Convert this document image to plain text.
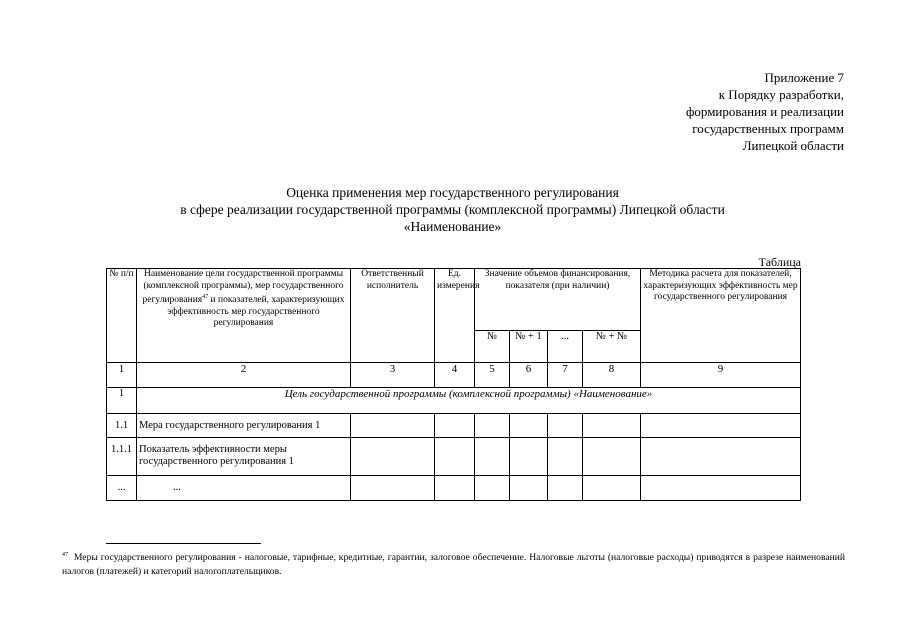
Приложение 7
к Порядку разработки,
формирования и реализации
государственных программ
Липецкой области
Оценка применения мер государственного регулирования
в сфере реализации государственной программы (комплексной программы) Липецкой области
«Наименование»
Таблица
№ п/п	Наименование цели государственной программы (комплексной программы), мер государственного регулирования$^{47}$ и показателей, характеризующих эффективность мер государственного регулирования	Ответственный исполнитель	Ед. измерения	Значение объемов финансирования, показателя (при наличии)				Методика расчета для показателей, характеризующих эффективность мер государственного регулирования
				№	№ + 1	...	№ + №	
1	2	3	4	5	6	7	8	9
1	Цель государственной программы (комплексной программы) «Наименование»							
1.1	Мера государственного регулирования 1							
1.1.1	Показатель эффективности меры государственного регулирования 1							
...	...							
$^{47}$ Меры государственного регулирования - налоговые, тарифные, кредитные, гарантии, залоговое обеспечение. Налоговые льготы (налоговые расходы) приводятся в разрезе наименований налогов (платежей) и категорий налогоплательщиков.
